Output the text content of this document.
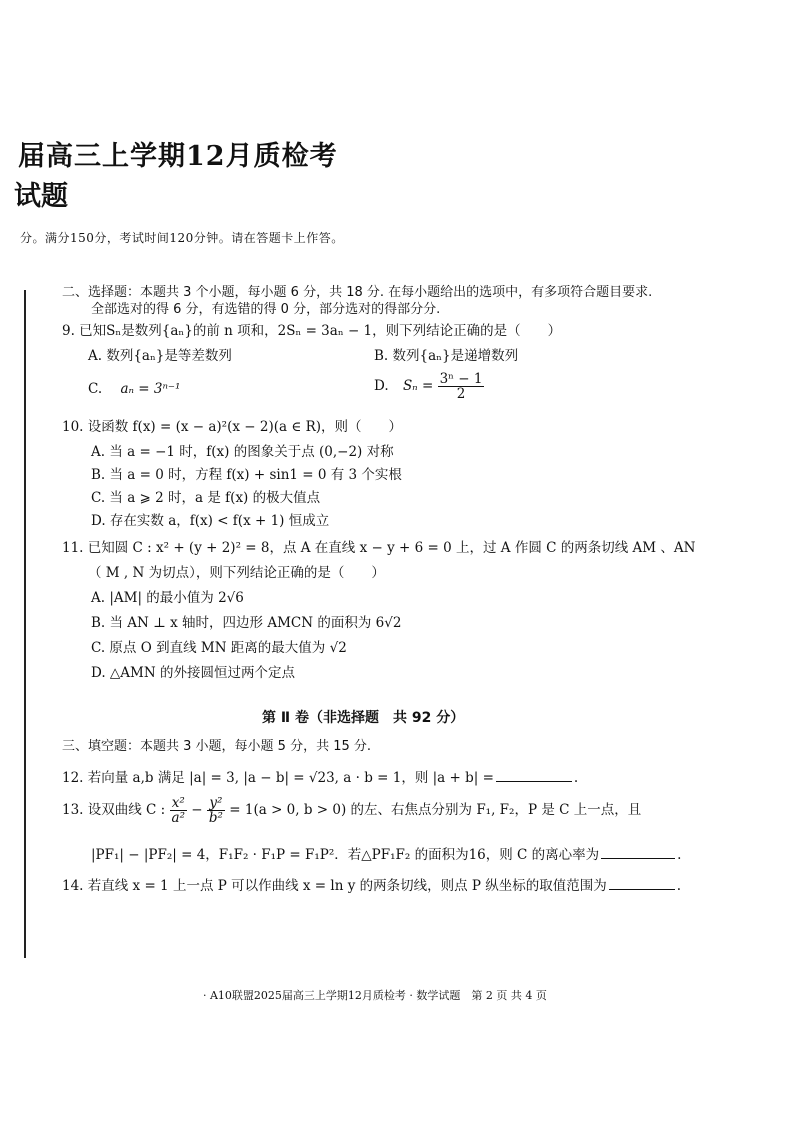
届高三上学期12月质检考
试题
分。满分150分，考试时间120分钟。请在答题卡上作答。
二、选择题：本题共 3 个小题，每小题 6 分，共 18 分. 在每小题给出的选项中，有多项符合题目要求.
全部选对的得 6 分，有选错的得 0 分，部分选对的得部分分.
9. 已知Sₙ是数列{aₙ}的前 n 项和，2Sₙ = 3aₙ − 1，则下列结论正确的是（　　）
A. 数列{aₙ}是等差数列	B. 数列{aₙ}是递增数列
C. aₙ = 3ⁿ⁻¹	D. $S_n = \frac{\text{3ⁿ − 1}}{2}$
10. 设函数 f(x) = (x − a)²(x − 2)(a ∈ R)，则（　　）
A. 当 a = −1 时，f(x) 的图象关于点 (0,−2) 对称
B. 当 a = 0 时，方程 f(x) + sin1 = 0 有 3 个实根
C. 当 a ⩾ 2 时，a 是 f(x) 的极大值点
D. 存在实数 a，f(x) < f(x + 1) 恒成立
11. 已知圆 C : x² + (y + 2)² = 8，点 A 在直线 x − y + 6 = 0 上，过 A 作圆 C 的两条切线 AM 、AN
（ M , N 为切点），则下列结论正确的是（　　）
A. |AM| 的最小值为 2√6
B. 当 AN ⊥ x 轴时，四边形 AMCN 的面积为 6√2
C. 原点 O 到直线 MN 距离的最大值为 √2
D. △AMN 的外接圆恒过两个定点
第 Ⅱ 卷（非选择题　共 92 分）
三、填空题：本题共 3 小题，每小题 5 分，共 15 分.
12. 若向量 a,b 满足 |a| = 3, |a − b| = √23, a · b = 1，则 |a + b| =	.
13. 设双曲线 C : $\frac{\text{x²}}{\text{a²}} - \frac{\text{y²}}{\text{b²}} = 1(a > 0$, b > 0) 的左、右焦点分别为 F₁, F₂，P 是 C 上一点，且
|PF₁| − |PF₂| = 4，F₁F₂ · F₁P = F₁P²．若△PF₁F₂ 的面积为16，则 C 的离心率为	.
14. 若直线 x = 1 上一点 P 可以作曲线 x = ln y 的两条切线，则点 P 纵坐标的取值范围为	.
· A10联盟2025届高三上学期12月质检考 · 数学试题　第 2 页 共 4 页
